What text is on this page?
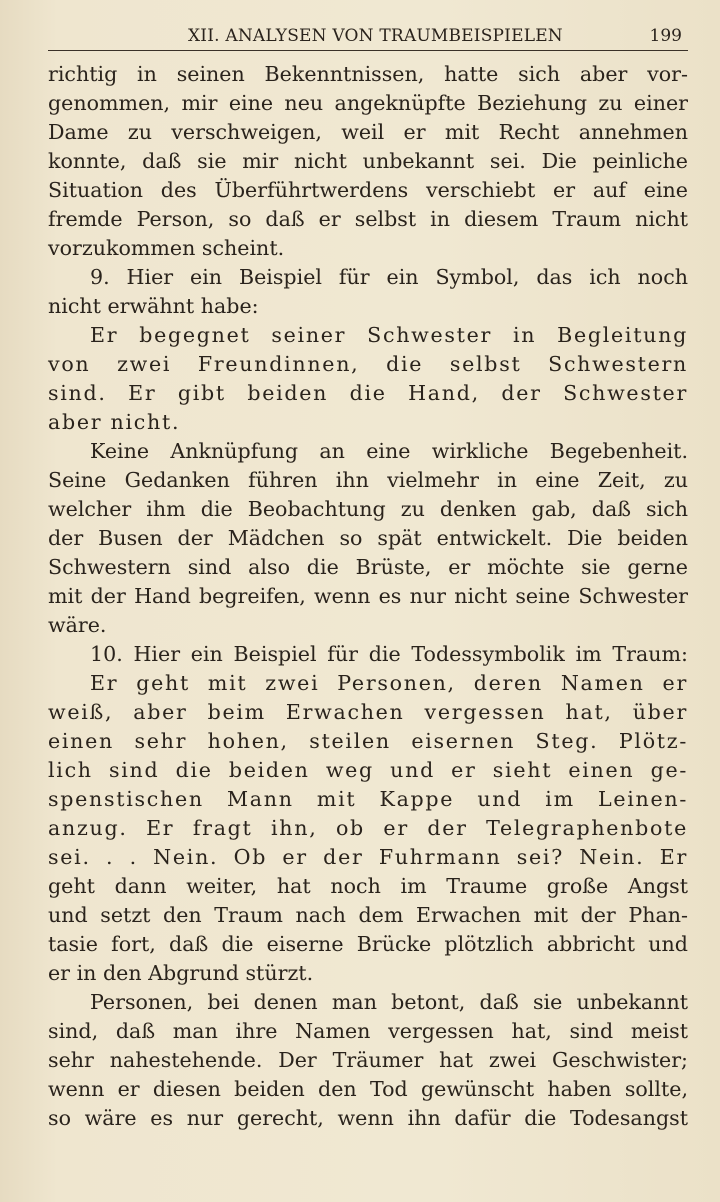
XII. ANALYSEN VON TRAUMBEISPIELEN	199
richtig in seinen Bekenntnissen, hatte sich aber vor-
genommen, mir eine neu angeknüpfte Beziehung zu einer
Dame zu verschweigen, weil er mit Recht annehmen
konnte, daß sie mir nicht unbekannt sei. Die peinliche
Situation des Überführtwerdens verschiebt er auf eine
fremde Person, so daß er selbst in diesem Traum nicht
vorzukommen scheint.
9. Hier ein Beispiel für ein Symbol, das ich noch
nicht erwähnt habe:
Er begegnet seiner Schwester in Begleitung
von zwei Freundinnen, die selbst Schwestern
sind. Er gibt beiden die Hand, der Schwester
aber nicht.
Keine Anknüpfung an eine wirkliche Begebenheit.
Seine Gedanken führen ihn vielmehr in eine Zeit, zu
welcher ihm die Beobachtung zu denken gab, daß sich
der Busen der Mädchen so spät entwickelt. Die beiden
Schwestern sind also die Brüste, er möchte sie gerne
mit der Hand begreifen, wenn es nur nicht seine Schwester
wäre.
10. Hier ein Beispiel für die Todessymbolik im Traum:
Er geht mit zwei Personen, deren Namen er
weiß, aber beim Erwachen vergessen hat, über
einen sehr hohen, steilen eisernen Steg. Plötz-
lich sind die beiden weg und er sieht einen ge-
spenstischen Mann mit Kappe und im Leinen-
anzug. Er fragt ihn, ob er der Telegraphenbote
sei. . . Nein. Ob er der Fuhrmann sei? Nein. Er
geht dann weiter, hat noch im Traume große Angst
und setzt den Traum nach dem Erwachen mit der Phan-
tasie fort, daß die eiserne Brücke plötzlich abbricht und
er in den Abgrund stürzt.
Personen, bei denen man betont, daß sie unbekannt
sind, daß man ihre Namen vergessen hat, sind meist
sehr nahestehende. Der Träumer hat zwei Geschwister;
wenn er diesen beiden den Tod gewünscht haben sollte,
so wäre es nur gerecht, wenn ihn dafür die Todesangst
